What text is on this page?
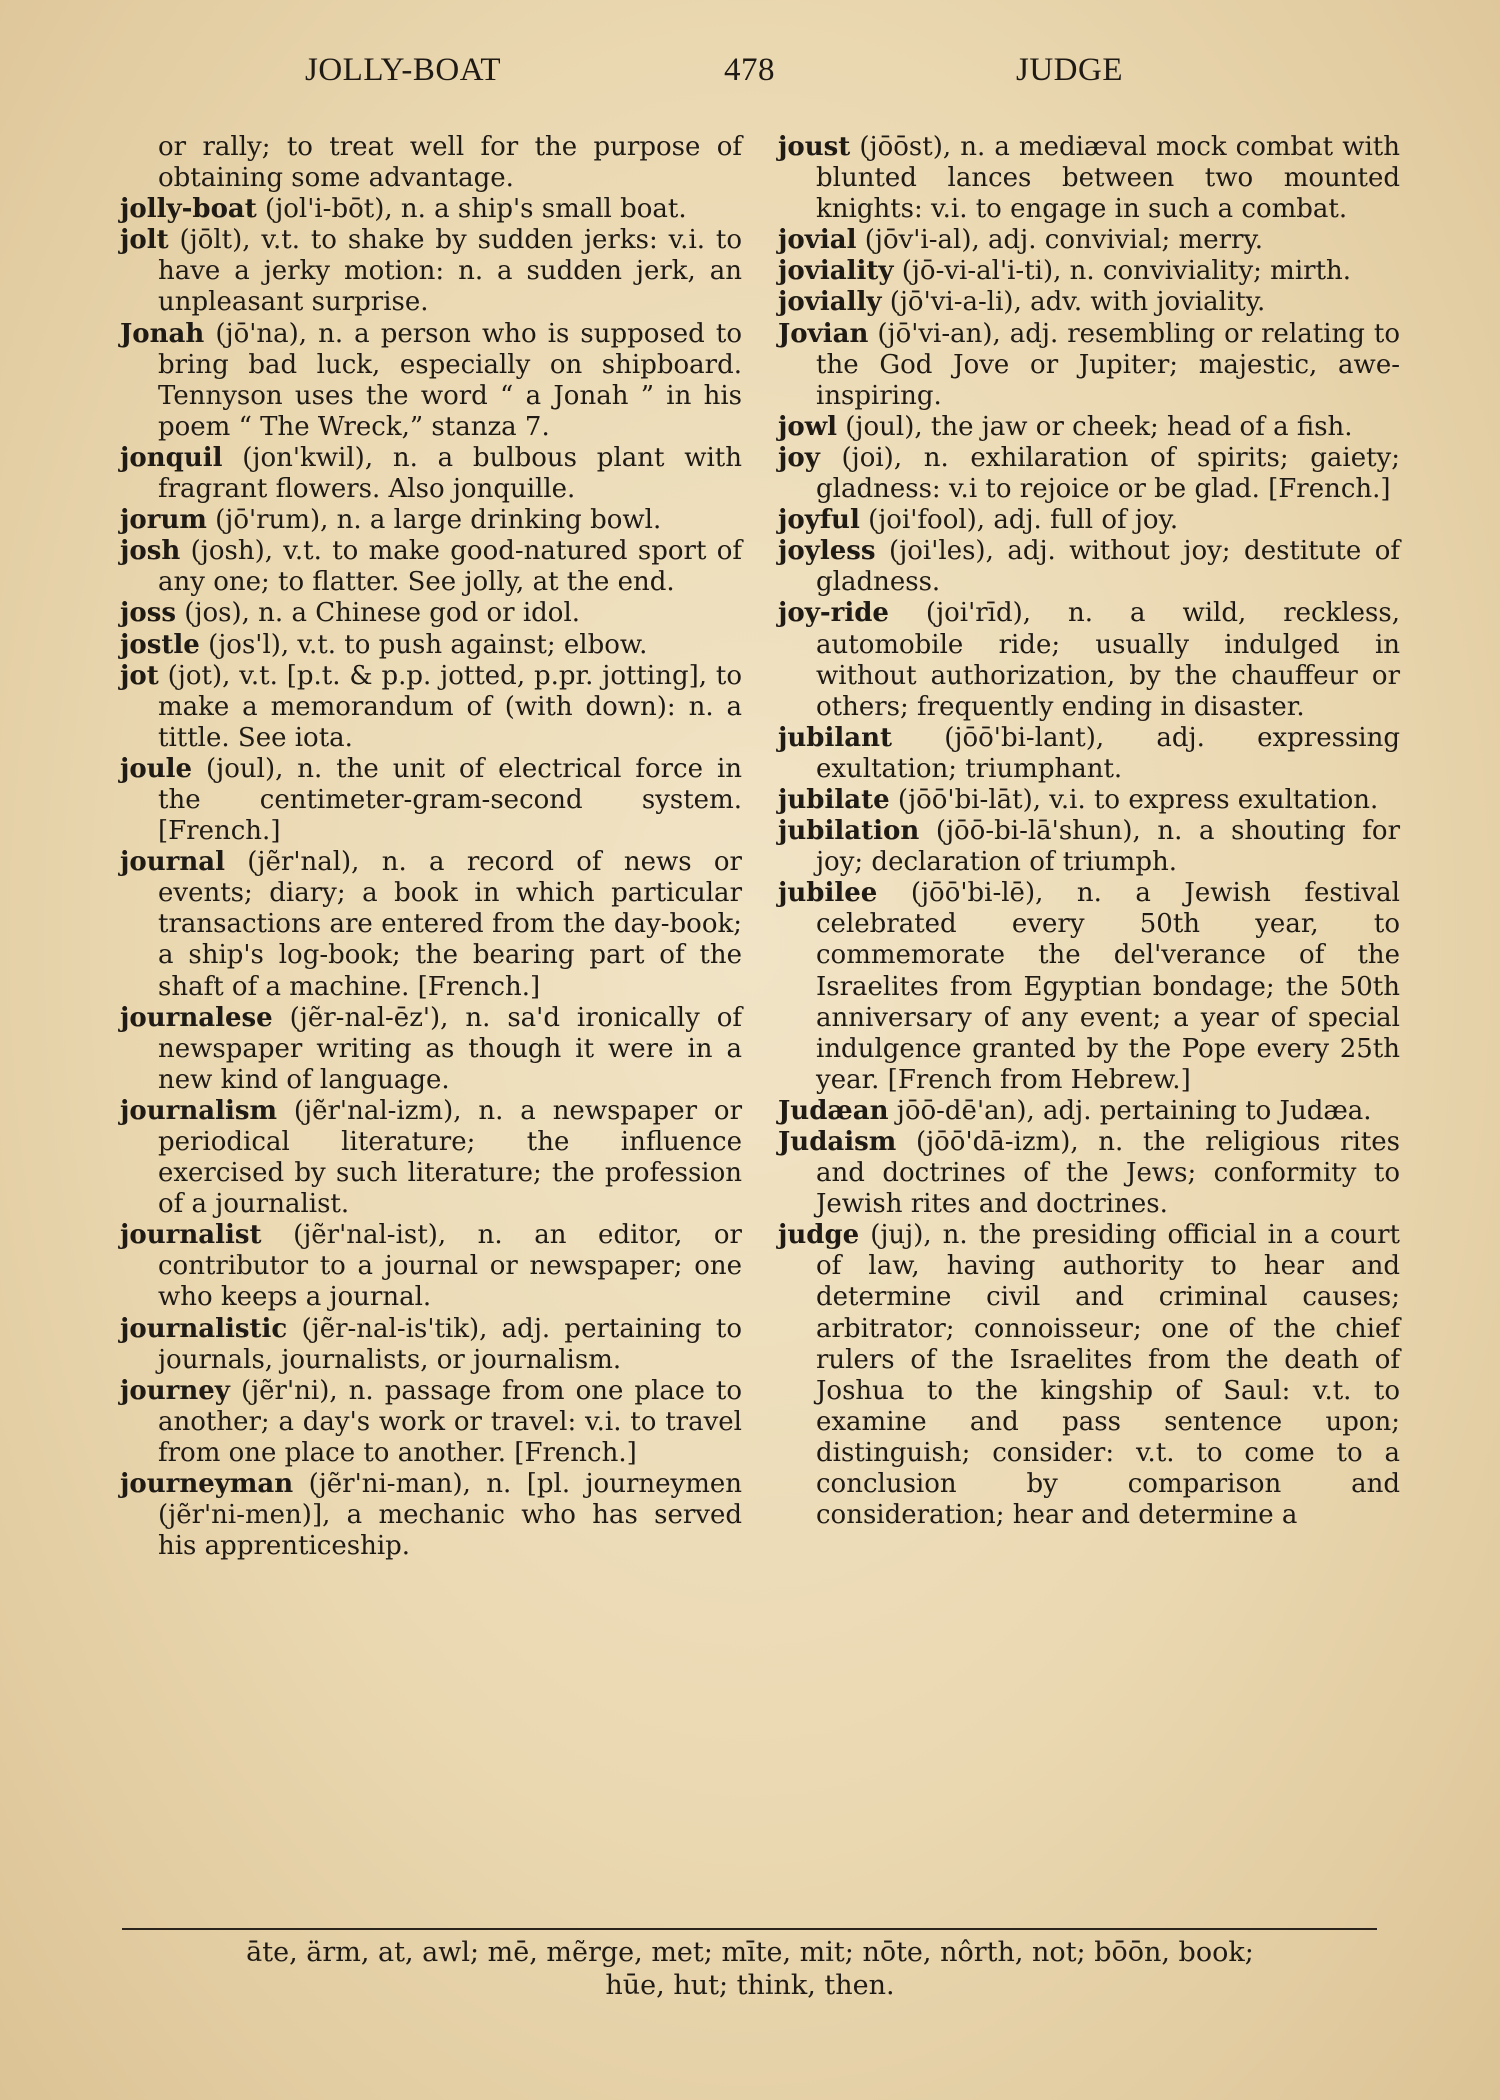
JOLLY-BOAT	478	JUDGE

or rally; to treat well for the purpose of obtaining some advantage.

jolly-boat (jol'i-bōt), n. a ship's small boat.

jolt (jōlt), v.t. to shake by sudden jerks: v.i. to have a jerky motion: n. a sudden jerk, an unpleasant surprise.

Jonah (jō'na), n. a person who is supposed to bring bad luck, especially on shipboard. Tennyson uses the word “ a Jonah ” in his poem “ The Wreck,” stanza 7.

jonquil (jon'kwil), n. a bulbous plant with fragrant flowers. Also jonquille.

jorum (jō'rum), n. a large drinking bowl.

josh (josh), v.t. to make good-natured sport of any one; to flatter. See jolly, at the end.

joss (jos), n. a Chinese god or idol.

jostle (jos'l), v.t. to push against; elbow.

jot (jot), v.t. [p.t. & p.p. jotted, p.pr. jotting], to make a memorandum of (with down): n. a tittle. See iota.

joule (joul), n. the unit of electrical force in the centimeter-gram-second system. [French.]

journal (jẽr'nal), n. a record of news or events; diary; a book in which particular transactions are entered from the day-book; a ship's log-book; the bearing part of the shaft of a machine. [French.]

journalese (jẽr-nal-ēz'), n. sa'd ironically of newspaper writing as though it were in a new kind of language.

journalism (jẽr'nal-izm), n. a newspaper or periodical literature; the influence exercised by such literature; the profession of a journalist.

journalist (jẽr'nal-ist), n. an editor, or contributor to a journal or newspaper; one who keeps a journal.

journalistic (jẽr-nal-is'tik), adj. pertaining to journals, journalists, or journalism.

journey (jẽr'ni), n. passage from one place to another; a day's work or travel: v.i. to travel from one place to another. [French.]

journeyman (jẽr'ni-man), n. [pl. journeymen (jẽr'ni-men)], a mechanic who has served his apprenticeship.

joust (jōōst), n. a mediæval mock combat with blunted lances between two mounted knights: v.i. to engage in such a combat.

jovial (jōv'i-al), adj. convivial; merry.

joviality (jō-vi-al'i-ti), n. conviviality; mirth.

jovially (jō'vi-a-li), adv. with joviality.

Jovian (jō'vi-an), adj. resembling or relating to the God Jove or Jupiter; majestic, awe-inspiring.

jowl (joul), the jaw or cheek; head of a fish.

joy (joi), n. exhilaration of spirits; gaiety; gladness: v.i to rejoice or be glad. [French.]

joyful (joi'fool), adj. full of joy.

joyless (joi'les), adj. without joy; destitute of gladness.

joy-ride (joi'rīd), n. a wild, reckless, automobile ride; usually indulged in without authorization, by the chauffeur or others; frequently ending in disaster.

jubilant (jōō'bi-lant), adj. expressing exultation; triumphant.

jubilate (jōō'bi-lāt), v.i. to express exultation.

jubilation (jōō-bi-lā'shun), n. a shouting for joy; declaration of triumph.

jubilee (jōō'bi-lē), n. a Jewish festival celebrated every 50th year, to commemorate the del'verance of the Israelites from Egyptian bondage; the 50th anniversary of any event; a year of special indulgence granted by the Pope every 25th year. [French from Hebrew.]

Judæan jōō-dē'an), adj. pertaining to Judæa.

Judaism (jōō'dā-izm), n. the religious rites and doctrines of the Jews; conformity to Jewish rites and doctrines.

judge (juj), n. the presiding official in a court of law, having authority to hear and determine civil and criminal causes; arbitrator; connoisseur; one of the chief rulers of the Israelites from the death of Joshua to the kingship of Saul: v.t. to examine and pass sentence upon; distinguish; consider: v.t. to come to a conclusion by comparison and consideration; hear and determine a

āte, ärm, at, awl; mē, mẽrge, met; mīte, mit; nōte, nôrth, not; bōōn, book;
hūe, hut; think, then.
